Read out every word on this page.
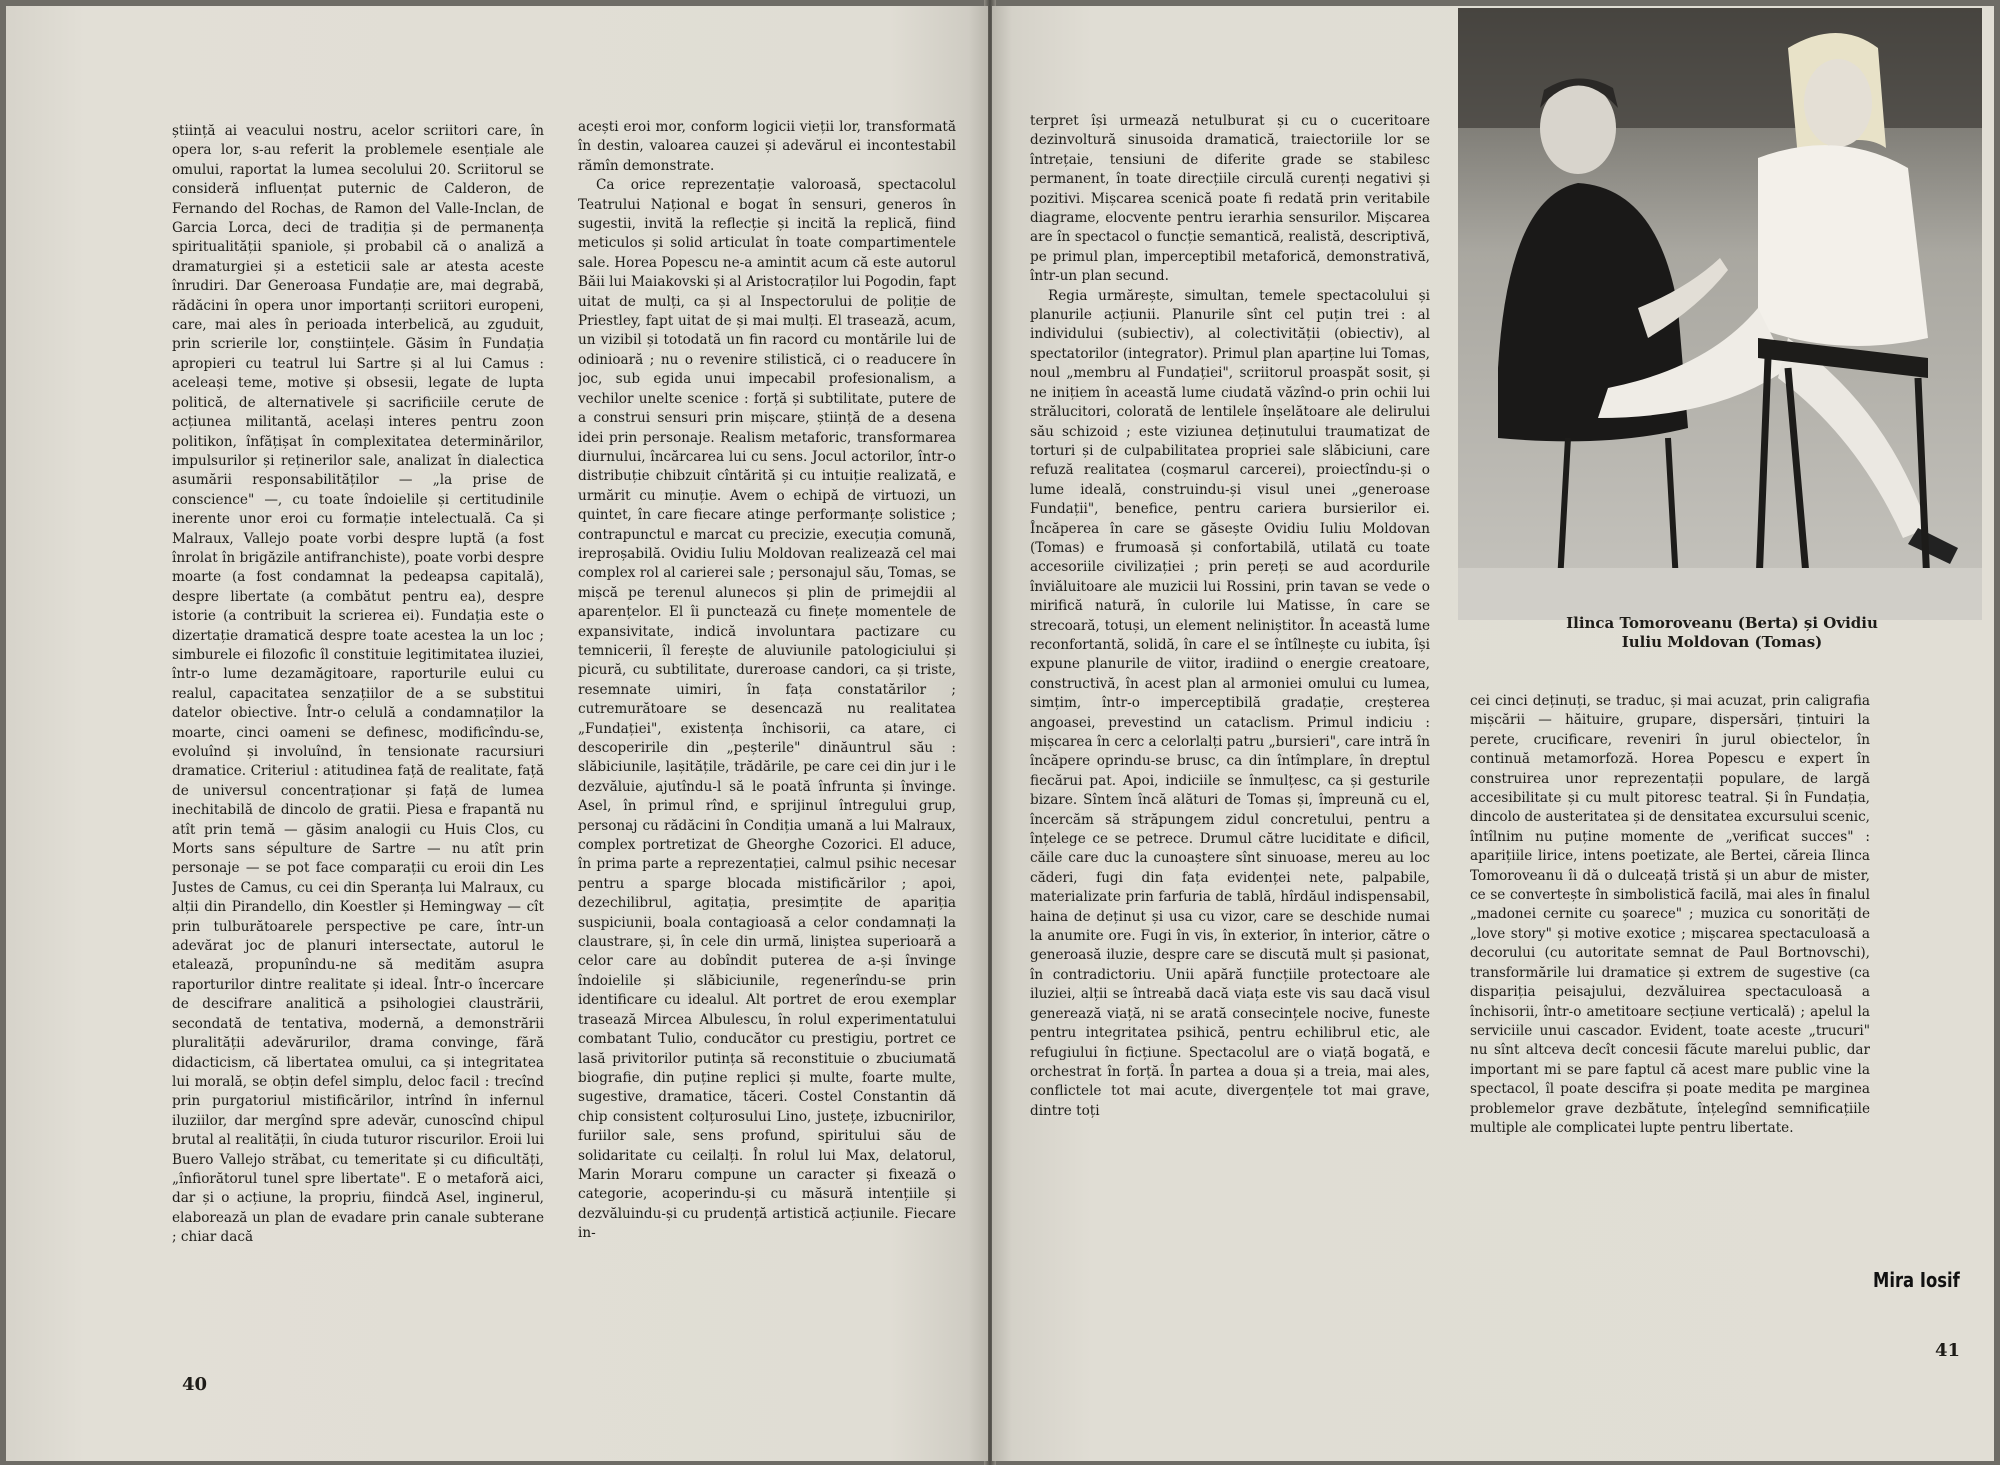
știință ai veacului nostru, acelor scriitori care, în opera lor, s-au referit la problemele esențiale ale omului, raportat la lumea secolului 20. Scriitorul se consideră influențat puternic de Calderon, de Fernando del Rochas, de Ramon del Valle-Inclan, de Garcia Lorca, deci de tradiția și de permanența spiritualității spaniole, și probabil că o analiză a dramaturgiei și a esteticii sale ar atesta aceste înrudiri. Dar Generoasa Fundație are, mai degrabă, rădăcini în opera unor importanți scriitori europeni, care, mai ales în perioada interbelică, au zguduit, prin scrierile lor, conștiințele. Găsim în Fundația apropieri cu teatrul lui Sartre și al lui Camus : aceleași teme, motive și obsesii, legate de lupta politică, de alternativele și sacrificiile cerute de acțiunea militantă, același interes pentru zoon politikon, înfățișat în complexitatea determinărilor, impulsurilor și reținerilor sale, analizat în dialectica asumării responsabilităților — „la prise de conscience" —, cu toate îndoielile și certitudinile inerente unor eroi cu formație intelectuală. Ca și Malraux, Vallejo poate vorbi despre luptă (a fost înrolat în brigăzile antifranchiste), poate vorbi despre moarte (a fost condamnat la pedeapsa capitală), despre libertate (a combătut pentru ea), despre istorie (a contribuit la scrierea ei). Fundația este o dizertație dramatică despre toate acestea la un loc ; simburele ei filozofic îl constituie legitimitatea iluziei, într-o lume dezamăgitoare, raporturile eului cu realul, capacitatea senzațiilor de a se substitui datelor obiective. Într-o celulă a condamnaților la moarte, cinci oameni se definesc, modificîndu-se, evoluînd și involuînd, în tensionate racursiuri dramatice. Criteriul : atitudinea față de realitate, față de universul concentraționar și față de lumea inechitabilă de dincolo de gratii. Piesa e frapantă nu atît prin temă — găsim analogii cu Huis Clos, cu Morts sans sépulture de Sartre — nu atît prin personaje — se pot face comparații cu eroii din Les Justes de Camus, cu cei din Speranța lui Malraux, cu alții din Pirandello, din Koestler și Hemingway — cît prin tulburătoarele perspective pe care, într-un adevărat joc de planuri intersectate, autorul le etalează, propunîndu-ne să medităm asupra raporturilor dintre realitate și ideal. Într-o încercare de descifrare analitică a psihologiei claustrării, secondată de tentativa, modernă, a demonstrării pluralității adevărurilor, drama convinge, fără didacticism, că libertatea omului, ca și integritatea lui morală, se obțin defel simplu, deloc facil : trecînd prin purgatoriul mistificărilor, intrînd în infernul iluziilor, dar mergînd spre adevăr, cunoscînd chipul brutal al realității, în ciuda tuturor riscurilor. Eroii lui Buero Vallejo străbat, cu temeritate și cu dificultăți, „înfiorătorul tunel spre libertate". E o metaforă aici, dar și o acțiune, la propriu, fiindcă Asel, inginerul, elaborează un plan de evadare prin canale subterane ; chiar dacă

acești eroi mor, conform logicii vieții lor, transformată în destin, valoarea cauzei și adevărul ei incontestabil rămîn demonstrate.

Ca orice reprezentație valoroasă, spectacolul Teatrului Național e bogat în sensuri, generos în sugestii, invită la reflecție și incită la replică, fiind meticulos și solid articulat în toate compartimentele sale. Horea Popescu ne-a amintit acum că este autorul Băii lui Maiakovski și al Aristocraților lui Pogodin, fapt uitat de mulți, ca și al Inspectorului de poliție de Priestley, fapt uitat de și mai mulți. El trasează, acum, un vizibil și totodată un fin racord cu montările lui de odinioară ; nu o revenire stilistică, ci o readucere în joc, sub egida unui impecabil profesionalism, a vechilor unelte scenice : forță și subtilitate, putere de a construi sensuri prin mișcare, știință de a desena idei prin personaje. Realism metaforic, transformarea diurnului, încărcarea lui cu sens. Jocul actorilor, într-o distribuție chibzuit cîntărită și cu intuiție realizată, e urmărit cu minuție. Avem o echipă de virtuozi, un quintet, în care fiecare atinge performanțe solistice ; contrapunctul e marcat cu precizie, execuția comună, ireproșabilă. Ovidiu Iuliu Moldovan realizează cel mai complex rol al carierei sale ; personajul său, Tomas, se mișcă pe terenul alunecos și plin de primejdii al aparențelor. El îi punctează cu finețe momentele de expansivitate, indică involuntara pactizare cu temnicerii, îl ferește de aluviunile patologiciului și picură, cu subtilitate, dureroase candori, ca și triste, resemnate uimiri, în fața constatărilor ; cutremurătoare se desencază nu realitatea „Fundației", existența închisorii, ca atare, ci descoperirile din „peșterile" dinăuntrul său : slăbiciunile, lașitățile, trădările, pe care cei din jur i le dezvăluie, ajutîndu-l să le poată înfrunta și învinge. Asel, în primul rînd, e sprijinul întregului grup, personaj cu rădăcini în Condiția umană a lui Malraux, complex portretizat de Gheorghe Cozorici. El aduce, în prima parte a reprezentației, calmul psihic necesar pentru a sparge blocada mistificărilor ; apoi, dezechilibrul, agitația, presimțite de apariția suspiciunii, boala contagioasă a celor condamnați la claustrare, și, în cele din urmă, liniștea superioară a celor care au dobîndit puterea de a-și învinge îndoielile și slăbiciunile, regenerîndu-se prin identificare cu idealul. Alt portret de erou exemplar trasează Mircea Albulescu, în rolul experimentatului combatant Tulio, conducător cu prestigiu, portret ce lasă privitorilor putința să reconstituie o zbuciumată biografie, din puține replici și multe, foarte multe, sugestive, dramatice, tăceri. Costel Constantin dă chip consistent colțurosului Lino, justețe, izbucnirilor, furiilor sale, sens profund, spiritului său de solidaritate cu ceilalți. În rolul lui Max, delatorul, Marin Moraru compune un caracter și fixează o categorie, acoperindu-și cu măsură intențiile și dezvăluindu-și cu prudență artistică acțiunile. Fiecare in-

40

terpret își urmează netulburat și cu o cuceritoare dezinvoltură sinusoida dramatică, traiectoriile lor se întrețaie, tensiuni de diferite grade se stabilesc permanent, în toate direcțiile circulă curenți negativi și pozitivi. Mișcarea scenică poate fi redată prin veritabile diagrame, elocvente pentru ierarhia sensurilor. Mișcarea are în spectacol o funcție semantică, realistă, descriptivă, pe primul plan, imperceptibil metaforică, demonstrativă, într-un plan secund.

Regia urmărește, simultan, temele spectacolului și planurile acțiunii. Planurile sînt cel puțin trei : al individului (subiectiv), al colectivității (obiectiv), al spectatorilor (integrator). Primul plan aparține lui Tomas, noul „membru al Fundației", scriitorul proaspăt sosit, și ne inițiem în această lume ciudată văzînd-o prin ochii lui strălucitori, colorată de lentilele înșelătoare ale delirului său schizoid ; este viziunea deținutului traumatizat de torturi și de culpabilitatea propriei sale slăbiciuni, care refuză realitatea (coșmarul carcerei), proiectîndu-și o lume ideală, construindu-și visul unei „generoase Fundații", benefice, pentru cariera bursierilor ei. Încăperea în care se găsește Ovidiu Iuliu Moldovan (Tomas) e frumoasă și confortabilă, utilată cu toate accesoriile civilizației ; prin pereți se aud acordurile înviăluitoare ale muzicii lui Rossini, prin tavan se vede o mirifică natură, în culorile lui Matisse, în care se strecoară, totuși, un element neliniștitor. În această lume reconfortantă, solidă, în care el se întîlnește cu iubita, își expune planurile de viitor, iradiind o energie creatoare, constructivă, în acest plan al armoniei omului cu lumea, simțim, într-o imperceptibilă gradație, creșterea angoasei, prevestind un cataclism. Primul indiciu : mișcarea în cerc a celorlalți patru „bursieri", care intră în încăpere oprindu-se brusc, ca din întîmplare, în dreptul fiecărui pat. Apoi, indiciile se înmulțesc, ca și gesturile bizare. Sîntem încă alături de Tomas și, împreună cu el, încercăm să străpungem zidul concretului, pentru a înțelege ce se petrece. Drumul către luciditate e dificil, căile care duc la cunoaștere sînt sinuoase, mereu au loc căderi, fugi din fața evidenței nete, palpabile, materializate prin farfuria de tablă, hîrdăul indispensabil, haina de deținut și usa cu vizor, care se deschide numai la anumite ore. Fugi în vis, în exterior, în interior, către o generoasă iluzie, despre care se discută mult și pasionat, în contradictoriu. Unii apără funcțiile protectoare ale iluziei, alții se întreabă dacă viața este vis sau dacă visul generează viață, ni se arată consecințele nocive, funeste pentru integritatea psihică, pentru echilibrul etic, ale refugiului în ficțiune. Spectacolul are o viață bogată, e orchestrat în forță. În partea a doua și a treia, mai ales, conflictele tot mai acute, divergențele tot mai grave, dintre toți

Ilinca Tomoroveanu (Berta) și Ovidiu
Iuliu Moldovan (Tomas)

cei cinci deținuți, se traduc, și mai acuzat, prin caligrafia mișcării — hăituire, grupare, dispersări, țintuiri la perete, crucificare, reveniri în jurul obiectelor, în continuă metamorfoză. Horea Popescu e expert în construirea unor reprezentații populare, de largă accesibilitate și cu mult pitoresc teatral. Și în Fundația, dincolo de austeritatea și de densitatea excursului scenic, întîlnim nu puține momente de „verificat succes" : aparițiile lirice, intens poetizate, ale Bertei, căreia Ilinca Tomoroveanu îi dă o dulceață tristă și un abur de mister, ce se convertește în simbolistică facilă, mai ales în finalul „madonei cernite cu șoarece" ; muzica cu sonorități de „love story" și motive exotice ; mișcarea spectaculoasă a decorului (cu autoritate semnat de Paul Bortnovschi), transformările lui dramatice și extrem de sugestive (ca dispariția peisajului, dezvăluirea spectaculoasă a închisorii, într-o ametitoare secțiune verticală) ; apelul la serviciile unui cascador. Evident, toate aceste „trucuri" nu sînt altceva decît concesii făcute marelui public, dar important mi se pare faptul că acest mare public vine la spectacol, îl poate descifra și poate medita pe marginea problemelor grave dezbătute, înțelegînd semnificațiile multiple ale complicatei lupte pentru libertate.

Mira Iosif
41
